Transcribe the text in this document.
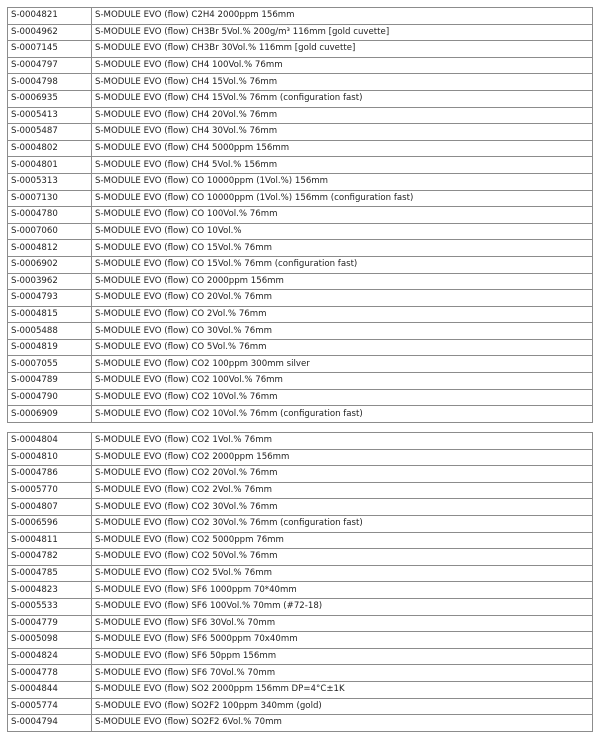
S-0004821	S-MODULE EVO (flow) C2H4 2000ppm 156mm
S-0004962	S-MODULE EVO (flow) CH3Br 5Vol.% 200g/m³ 116mm [gold cuvette]
S-0007145	S-MODULE EVO (flow) CH3Br 30Vol.% 116mm [gold cuvette]
S-0004797	S-MODULE EVO (flow) CH4 100Vol.% 76mm
S-0004798	S-MODULE EVO (flow) CH4 15Vol.% 76mm
S-0006935	S-MODULE EVO (flow) CH4 15Vol.% 76mm (configuration fast)
S-0005413	S-MODULE EVO (flow) CH4 20Vol.% 76mm
S-0005487	S-MODULE EVO (flow) CH4 30Vol.% 76mm
S-0004802	S-MODULE EVO (flow) CH4 5000ppm 156mm
S-0004801	S-MODULE EVO (flow) CH4 5Vol.% 156mm
S-0005313	S-MODULE EVO (flow) CO 10000ppm (1Vol.%) 156mm
S-0007130	S-MODULE EVO (flow) CO 10000ppm (1Vol.%) 156mm (configuration fast)
S-0004780	S-MODULE EVO (flow) CO 100Vol.% 76mm
S-0007060	S-MODULE EVO (flow) CO 10Vol.%
S-0004812	S-MODULE EVO (flow) CO 15Vol.% 76mm
S-0006902	S-MODULE EVO (flow) CO 15Vol.% 76mm (configuration fast)
S-0003962	S-MODULE EVO (flow) CO 2000ppm 156mm
S-0004793	S-MODULE EVO (flow) CO 20Vol.% 76mm
S-0004815	S-MODULE EVO (flow) CO 2Vol.% 76mm
S-0005488	S-MODULE EVO (flow) CO 30Vol.% 76mm
S-0004819	S-MODULE EVO (flow) CO 5Vol.% 76mm
S-0007055	S-MODULE EVO (flow) CO2 100ppm 300mm silver
S-0004789	S-MODULE EVO (flow) CO2 100Vol.% 76mm
S-0004790	S-MODULE EVO (flow) CO2 10Vol.% 76mm
S-0006909	S-MODULE EVO (flow) CO2 10Vol.% 76mm (configuration fast)
S-0004804	S-MODULE EVO (flow) CO2 1Vol.% 76mm
S-0004810	S-MODULE EVO (flow) CO2 2000ppm 156mm
S-0004786	S-MODULE EVO (flow) CO2 20Vol.% 76mm
S-0005770	S-MODULE EVO (flow) CO2 2Vol.% 76mm
S-0004807	S-MODULE EVO (flow) CO2 30Vol.% 76mm
S-0006596	S-MODULE EVO (flow) CO2 30Vol.% 76mm (configuration fast)
S-0004811	S-MODULE EVO (flow) CO2 5000ppm 76mm
S-0004782	S-MODULE EVO (flow) CO2 50Vol.% 76mm
S-0004785	S-MODULE EVO (flow) CO2 5Vol.% 76mm
S-0004823	S-MODULE EVO (flow) SF6 1000ppm 70*40mm
S-0005533	S-MODULE EVO (flow) SF6 100Vol.% 70mm (#72-18)
S-0004779	S-MODULE EVO (flow) SF6 30Vol.% 70mm
S-0005098	S-MODULE EVO (flow) SF6 5000ppm 70x40mm
S-0004824	S-MODULE EVO (flow) SF6 50ppm 156mm
S-0004778	S-MODULE EVO (flow) SF6 70Vol.% 70mm
S-0004844	S-MODULE EVO (flow) SO2 2000ppm 156mm DP=4°C±1K
S-0005774	S-MODULE EVO (flow) SO2F2 100ppm 340mm (gold)
S-0004794	S-MODULE EVO (flow) SO2F2 6Vol.% 70mm
